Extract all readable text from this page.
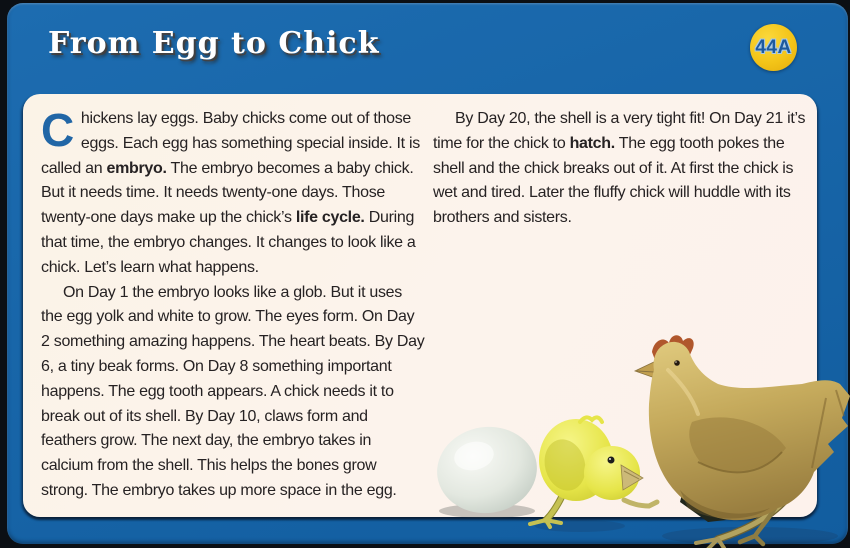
From Egg to Chick	44A

Chickens lay eggs. Baby chicks come out of those eggs. Each egg has something special inside. It is called an embryo. The embryo becomes a baby chick. But it needs time. It needs twenty-one days. Those twenty-one days make up the chick’s life cycle. During that time, the embryo changes. It changes to look like a chick. Let’s learn what happens.

On Day 1 the embryo looks like a glob. But it uses the egg yolk and white to grow. The eyes form. On Day 2 something amazing happens. The heart beats. By Day 6, a tiny beak forms. On Day 8 something important happens. The egg tooth appears. A chick needs it to break out of its shell. By Day 10, claws form and feathers grow. The next day, the embryo takes in calcium from the shell. This helps the bones grow strong. The embryo takes up more space in the egg.

By Day 20, the shell is a very tight fit! On Day 21 it’s time for the chick to hatch. The egg tooth pokes the shell and the chick breaks out of it. At first the chick is wet and tired. Later the fluffy chick will huddle with its brothers and sisters.
